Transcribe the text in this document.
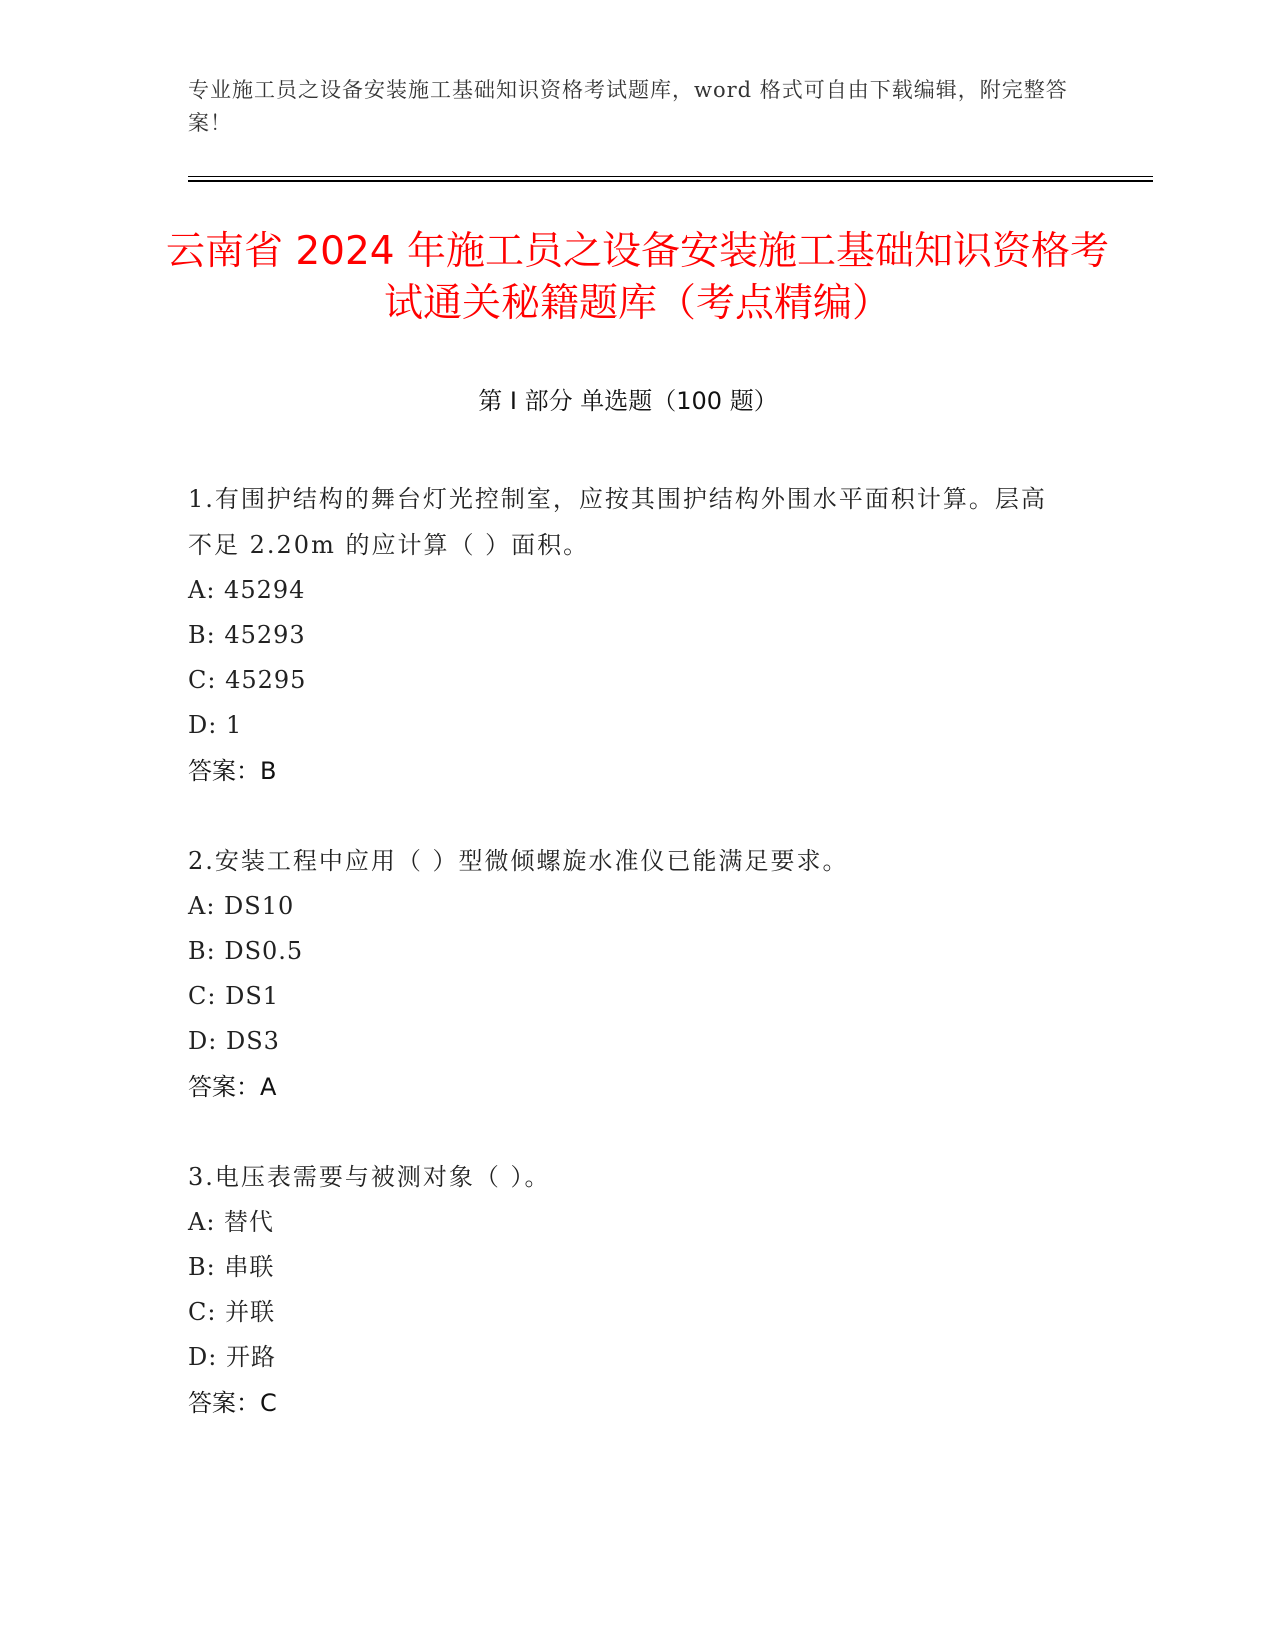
专业施工员之设备安装施工基础知识资格考试题库，word 格式可自由下载编辑，附完整答案！
云南省 2024 年施工员之设备安装施工基础知识资格考试通关秘籍题库（考点精编）
第 I 部分 单选题（100 题）

1.有围护结构的舞台灯光控制室，应按其围护结构外围水平面积计算。层高不足 2.20m 的应计算（ ）面积。

A: 45294

B: 45293

C: 45295

D: 1

答案：B

2.安装工程中应用（ ）型微倾螺旋水准仪已能满足要求。

A: DS10

B: DS0.5

C: DS1

D: DS3

答案：A

3.电压表需要与被测对象（ ）。

A: 替代

B: 串联

C: 并联

D: 开路

答案：C
